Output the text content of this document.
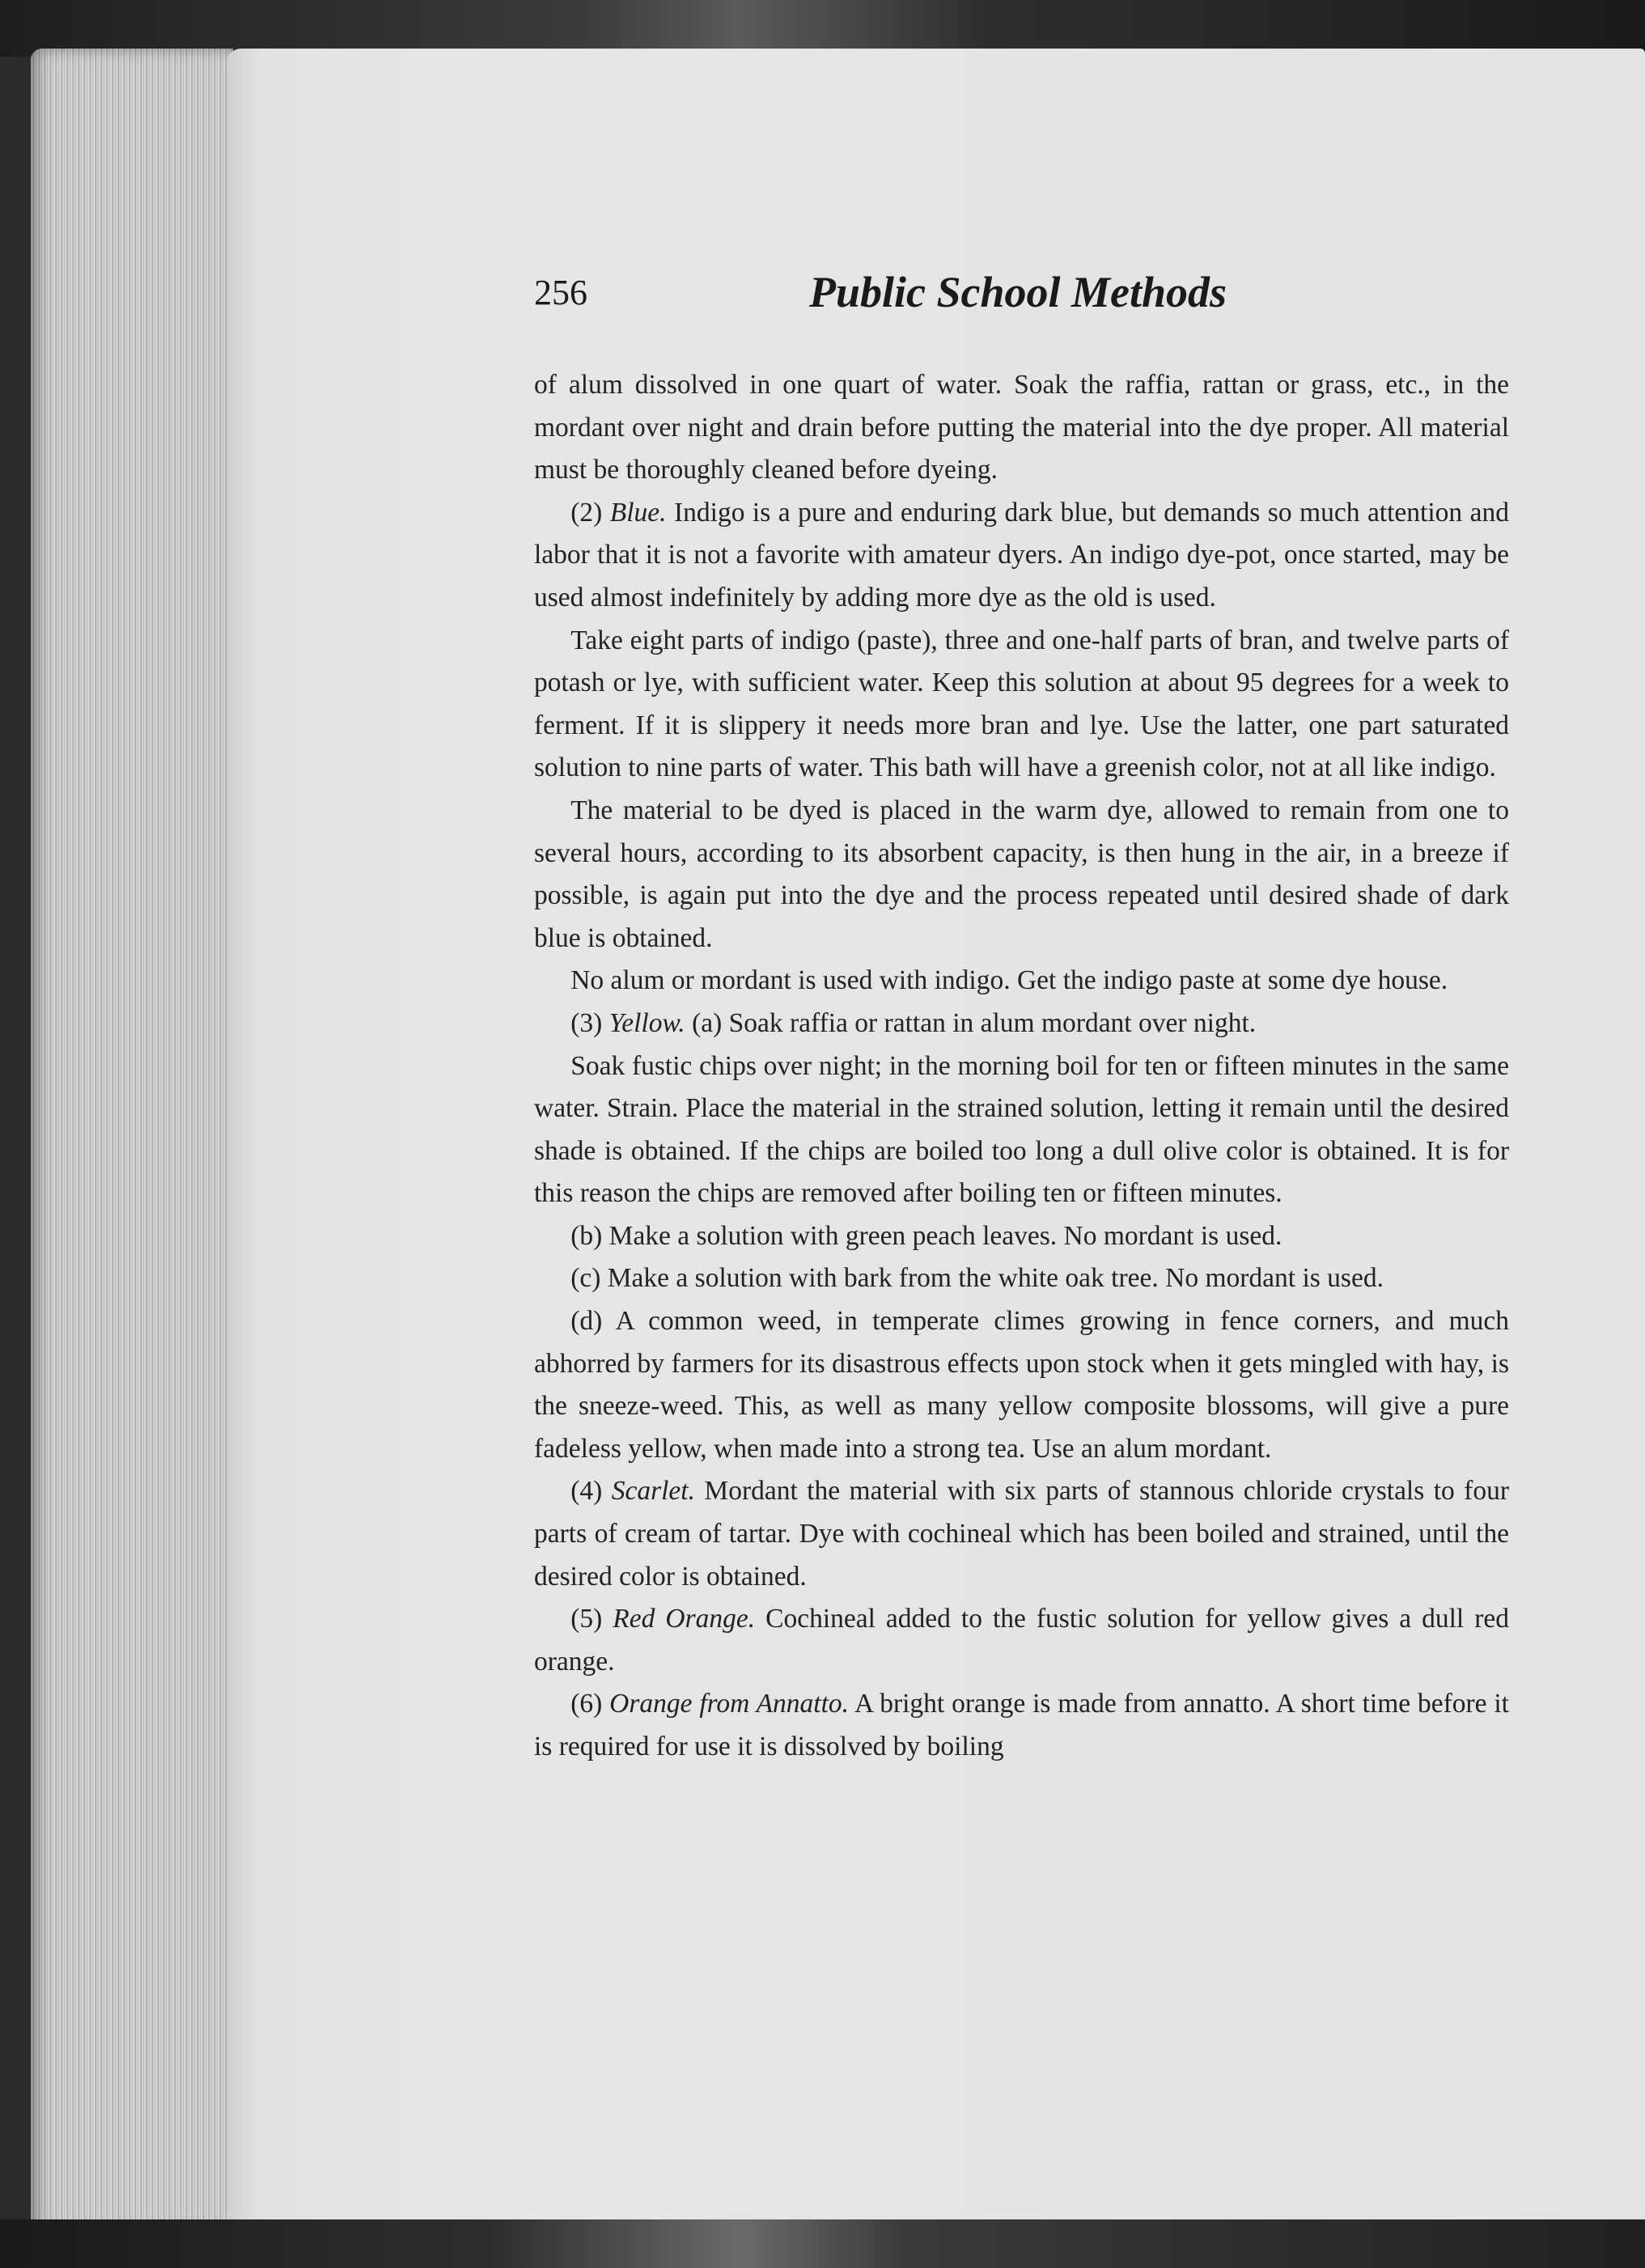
256	Public School Methods

of alum dissolved in one quart of water. Soak the raffia, rattan or grass, etc., in the mordant over night and drain before putting the material into the dye proper. All material must be thoroughly cleaned before dyeing.

(2) Blue. Indigo is a pure and enduring dark blue, but demands so much attention and labor that it is not a favorite with amateur dyers. An indigo dye-pot, once started, may be used almost indefinitely by adding more dye as the old is used.

Take eight parts of indigo (paste), three and one-half parts of bran, and twelve parts of potash or lye, with sufficient water. Keep this solution at about 95 degrees for a week to ferment. If it is slippery it needs more bran and lye. Use the latter, one part saturated solution to nine parts of water. This bath will have a greenish color, not at all like indigo.

The material to be dyed is placed in the warm dye, allowed to remain from one to several hours, according to its absorbent capacity, is then hung in the air, in a breeze if possible, is again put into the dye and the process repeated until desired shade of dark blue is obtained.

No alum or mordant is used with indigo. Get the indigo paste at some dye house.

(3) Yellow. (a) Soak raffia or rattan in alum mordant over night.

Soak fustic chips over night; in the morning boil for ten or fifteen minutes in the same water. Strain. Place the material in the strained solution, letting it remain until the desired shade is obtained. If the chips are boiled too long a dull olive color is obtained. It is for this reason the chips are removed after boiling ten or fifteen minutes.

(b) Make a solution with green peach leaves. No mordant is used.

(c) Make a solution with bark from the white oak tree. No mordant is used.

(d) A common weed, in temperate climes growing in fence corners, and much abhorred by farmers for its disastrous effects upon stock when it gets mingled with hay, is the sneeze-weed. This, as well as many yellow composite blossoms, will give a pure fadeless yellow, when made into a strong tea. Use an alum mordant.

(4) Scarlet. Mordant the material with six parts of stannous chloride crystals to four parts of cream of tartar. Dye with cochineal which has been boiled and strained, until the desired color is obtained.

(5) Red Orange. Cochineal added to the fustic solution for yellow gives a dull red orange.

(6) Orange from Annatto. A bright orange is made from annatto. A short time before it is required for use it is dissolved by boiling
